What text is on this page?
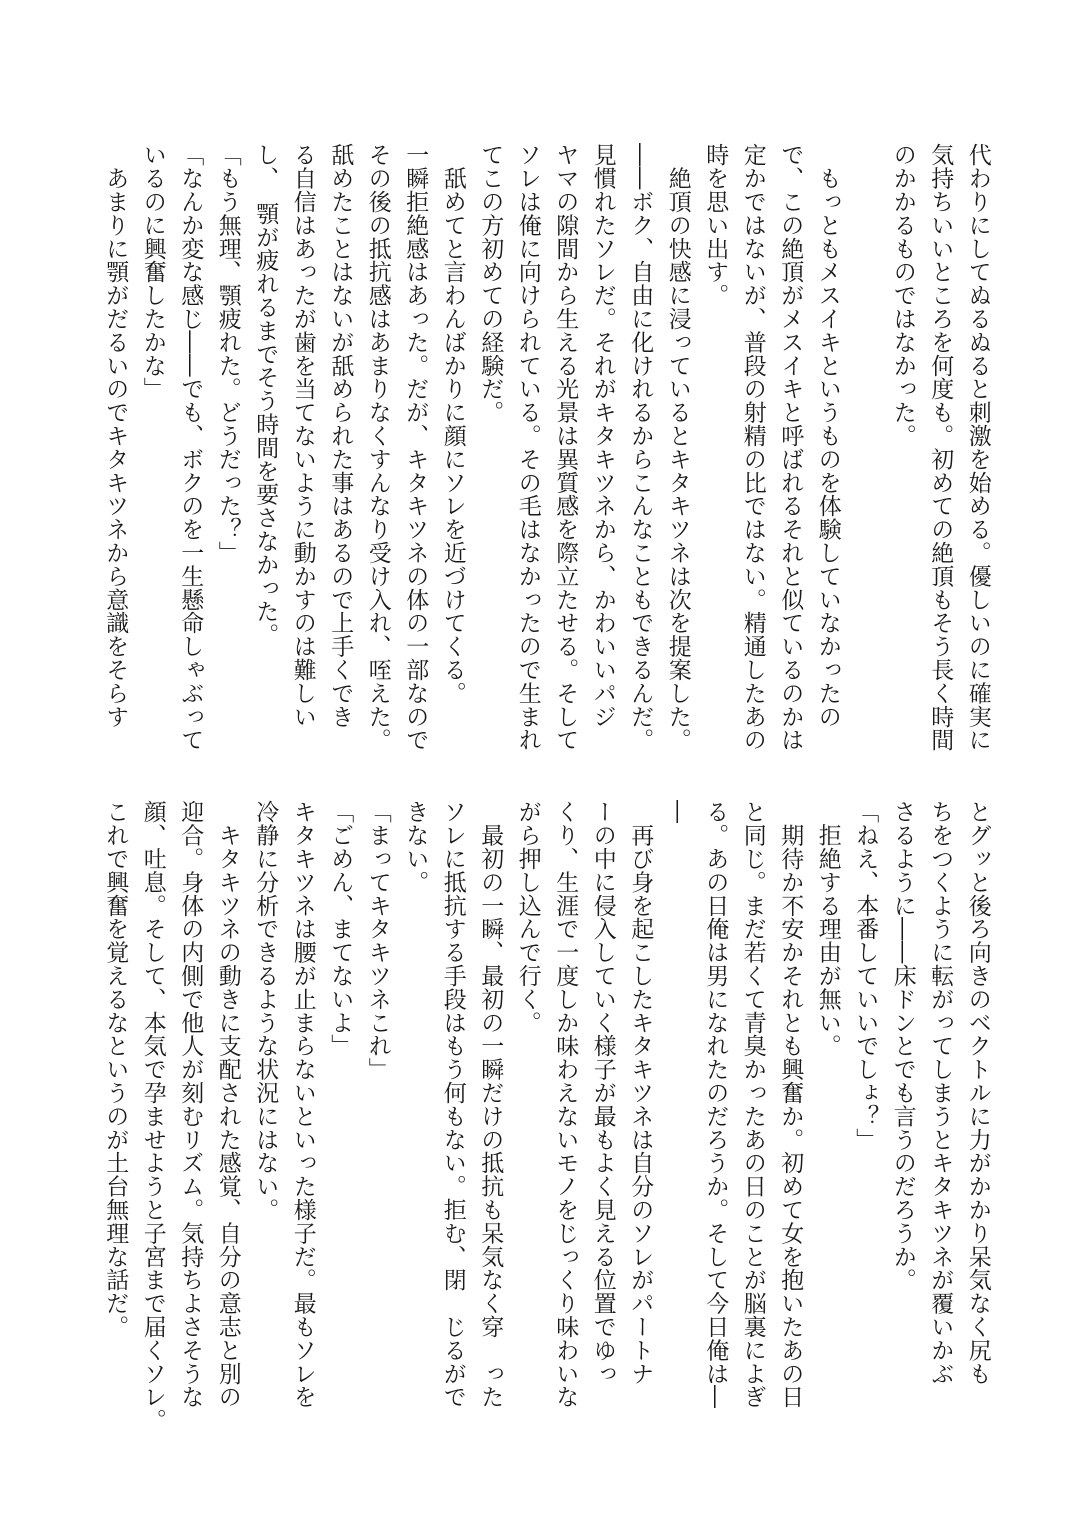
代わりにしてぬるぬると刺激を始める。優しいのに確実に
気持ちいいところを何度も。初めての絶頂もそう長く時間
のかかるものではなかった。
　もっともメスイキというものを体験していなかったの
で、この絶頂がメスイキと呼ばれるそれと似ているのかは
定かではないが、普段の射精の比ではない。精通したあの
時を思い出す。
　絶頂の快感に浸っているとキタキツネは次を提案した。
――ボク、自由に化けれるからこんなこともできるんだ。
見慣れたソレだ。それがキタキツネから、かわいいパジ
ヤマの隙間から生える光景は異質感を際立たせる。そして
ソレは俺に向けられている。その毛はなかったので生まれ
てこの方初めての経験だ。
　舐めてと言わんばかりに顔にソレを近づけてくる。
一瞬拒絶感はあった。だが、キタキツネの体の一部なので
その後の抵抗感はあまりなくすんなり受け入れ、咥えた。
舐めたことはないが舐められた事はあるので上手くでき
る自信はあったが歯を当てないように動かすのは難しい
し、　顎が疲れるまでそう時間を要さなかった。
「もう無理、顎疲れた。どうだった？」
「なんか変な感じ――でも、ボクのを一生懸命しゃぶって
いるのに興奮したかな」
　あまりに顎がだるいのでキタキツネから意識をそらす
とグッと後ろ向きのベクトルに力がかかり呆気なく尻も
ちをつくように転がってしまうとキタキツネが覆いかぶ
さるように――床ドンとでも言うのだろうか。
「ねえ、本番していいでしょ？」
　拒絶する理由が無い。
　期待か不安かそれとも興奮か。初めて女を抱いたあの日
と同じ。まだ若くて青臭かったあの日のことが脳裏によぎ
る。あの日俺は男になれたのだろうか。そして今日俺は―
―
　再び身を起こしたキタキツネは自分のソレがパートナ
ーの中に侵入していく様子が最もよく見える位置でゆっ
くり、生涯で一度しか味わえないモノをじっくり味わいな
がら押し込んで行く。
　最初の一瞬、最初の一瞬だけの抵抗も呆気なく穿　った
ソレに抵抗する手段はもう何もない。拒む、閉　じるがで
きない。
「まってキタキツネこれ」
「ごめん、まてないよ」
キタキツネは腰が止まらないといった様子だ。最もソレを
冷静に分析できるような状況にはない。
　キタキツネの動きに支配された感覚、自分の意志と別の
迎合。身体の内側で他人が刻むリズム。気持ちよさそうな
顔、吐息。そして、本気で孕ませようと子宮まで届くソレ。
これで興奮を覚えるなというのが土台無理な話だ。
